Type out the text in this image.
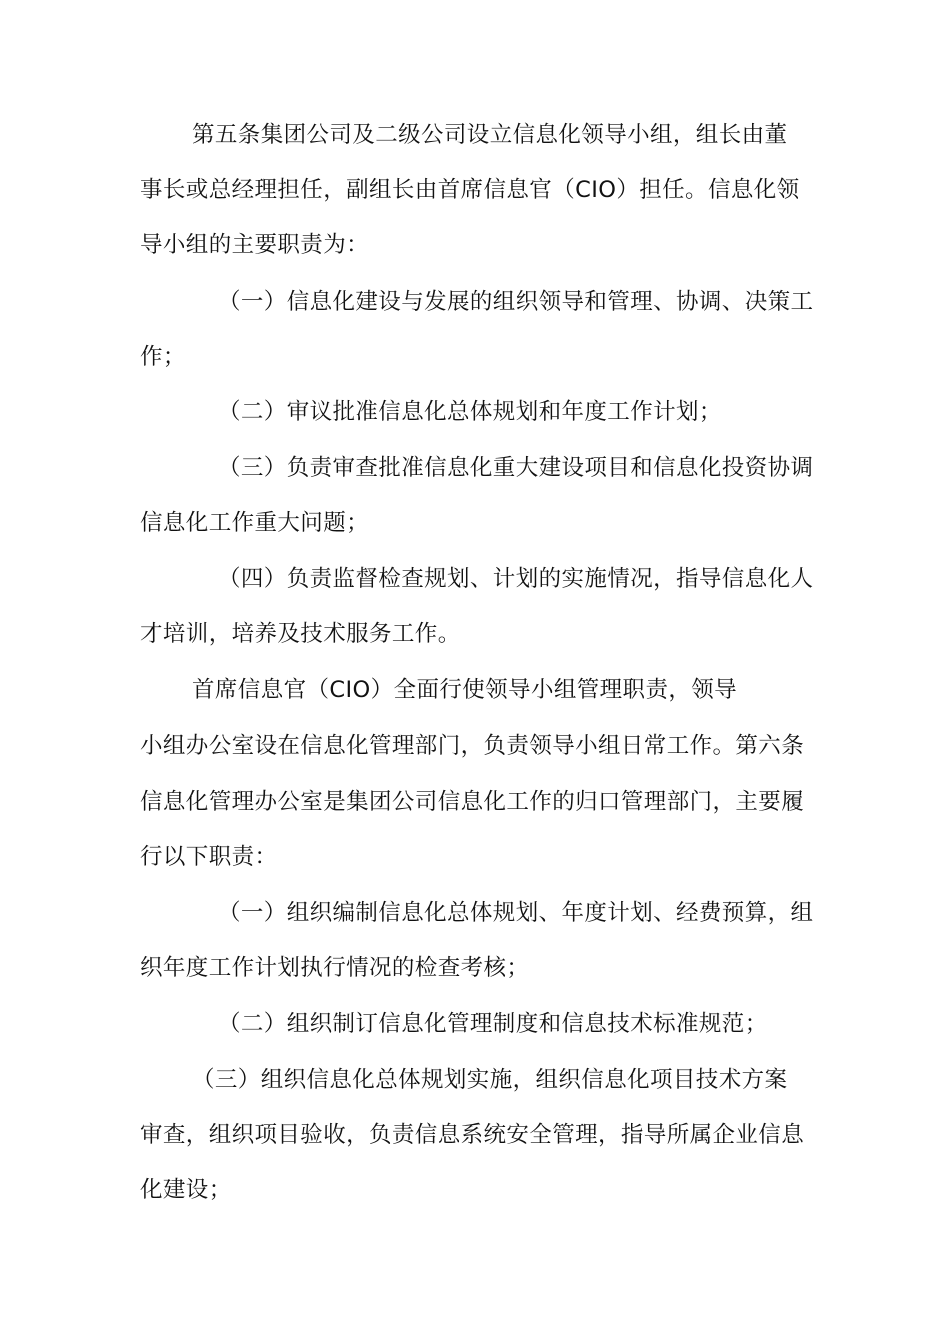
第五条集团公司及二级公司设立信息化领导小组，组长由董
事长或总经理担任，副组长由首席信息官（CIO）担任。信息化领
导小组的主要职责为：
（一）信息化建设与发展的组织领导和管理、协调、决策工
作；
（二）审议批准信息化总体规划和年度工作计划；
（三）负责审查批准信息化重大建设项目和信息化投资协调
信息化工作重大问题；
（四）负责监督检查规划、计划的实施情况，指导信息化人
才培训，培养及技术服务工作。
首席信息官（CIO）全面行使领导小组管理职责，领导
小组办公室设在信息化管理部门，负责领导小组日常工作。第六条
信息化管理办公室是集团公司信息化工作的归口管理部门，主要履
行以下职责：
（一）组织编制信息化总体规划、年度计划、经费预算，组
织年度工作计划执行情况的检查考核；
（二）组织制订信息化管理制度和信息技术标准规范；
（三）组织信息化总体规划实施，组织信息化项目技术方案
审查，组织项目验收，负责信息系统安全管理，指导所属企业信息
化建设；
